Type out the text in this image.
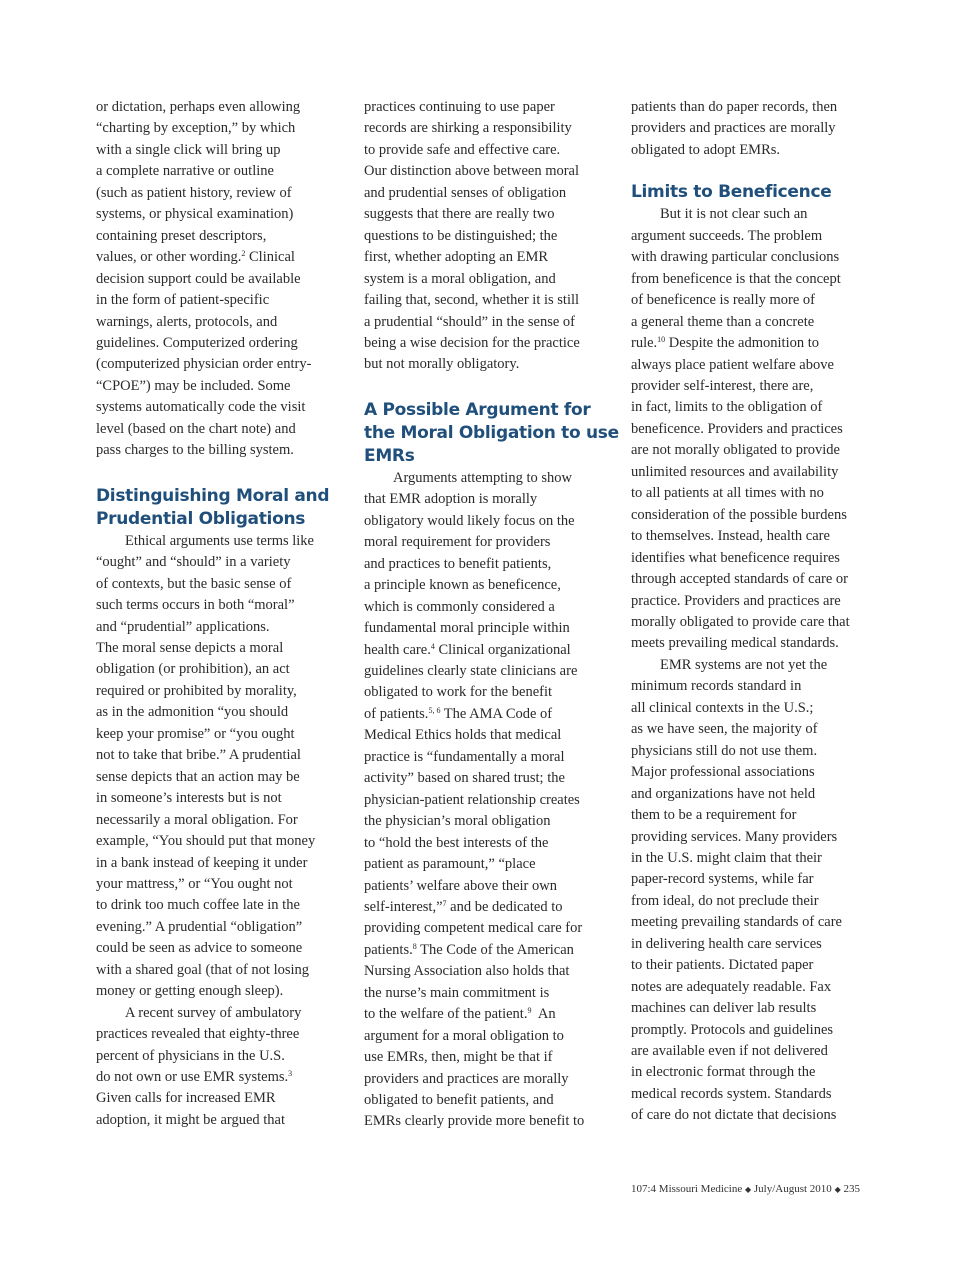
or dictation, perhaps even allowing
“charting by exception,” by which
with a single click will bring up
a complete narrative or outline
(such as patient history, review of
systems, or physical examination)
containing preset descriptors,
values, or other wording.$^2$ Clinical
decision support could be available
in the form of patient-specific
warnings, alerts, protocols, and
guidelines. Computerized ordering
(computerized physician order entry-
“CPOE”) may be included. Some
systems automatically code the visit
level (based on the chart note) and
pass charges to the billing system.
Distinguishing Moral and
Prudential Obligations
Ethical arguments use terms like
“ought” and “should” in a variety
of contexts, but the basic sense of
such terms occurs in both “moral”
and “prudential” applications.
The moral sense depicts a moral
obligation (or prohibition), an act
required or prohibited by morality,
as in the admonition “you should
keep your promise” or “you ought
not to take that bribe.” A prudential
sense depicts that an action may be
in someone’s interests but is not
necessarily a moral obligation. For
example, “You should put that money
in a bank instead of keeping it under
your mattress,” or “You ought not
to drink too much coffee late in the
evening.” A prudential “obligation”
could be seen as advice to someone
with a shared goal (that of not losing
money or getting enough sleep).
A recent survey of ambulatory
practices revealed that eighty-three
percent of physicians in the U.S.
do not own or use EMR systems.$^3$
Given calls for increased EMR
adoption, it might be argued that
practices continuing to use paper
records are shirking a responsibility
to provide safe and effective care.
Our distinction above between moral
and prudential senses of obligation
suggests that there are really two
questions to be distinguished; the
first, whether adopting an EMR
system is a moral obligation, and
failing that, second, whether it is still
a prudential “should” in the sense of
being a wise decision for the practice
but not morally obligatory.
A Possible Argument for
the Moral Obligation to use
EMRs
Arguments attempting to show
that EMR adoption is morally
obligatory would likely focus on the
moral requirement for providers
and practices to benefit patients,
a principle known as beneficence,
which is commonly considered a
fundamental moral principle within
health care.$^4$ Clinical organizational
guidelines clearly state clinicians are
obligated to work for the benefit
of patients.$^{5, 6}$ The AMA Code of
Medical Ethics holds that medical
practice is “fundamentally a moral
activity” based on shared trust; the
physician-patient relationship creates
the physician’s moral obligation
to “hold the best interests of the
patient as paramount,” “place
patients’ welfare above their own
self-interest,”$^7$ and be dedicated to
providing competent medical care for
patients.$^8$ The Code of the American
Nursing Association also holds that
the nurse’s main commitment is
to the welfare of the patient.$^9$  An
argument for a moral obligation to
use EMRs, then, might be that if
providers and practices are morally
obligated to benefit patients, and
EMRs clearly provide more benefit to
patients than do paper records, then
providers and practices are morally
obligated to adopt EMRs.
Limits to Beneficence
But it is not clear such an
argument succeeds. The problem
with drawing particular conclusions
from beneficence is that the concept
of beneficence is really more of
a general theme than a concrete
rule.$^{10}$ Despite the admonition to
always place patient welfare above
provider self-interest, there are,
in fact, limits to the obligation of
beneficence. Providers and practices
are not morally obligated to provide
unlimited resources and availability
to all patients at all times with no
consideration of the possible burdens
to themselves. Instead, health care
identifies what beneficence requires
through accepted standards of care or
practice. Providers and practices are
morally obligated to provide care that
meets prevailing medical standards.
EMR systems are not yet the
minimum records standard in
all clinical contexts in the U.S.;
as we have seen, the majority of
physicians still do not use them.
Major professional associations
and organizations have not held
them to be a requirement for
providing services. Many providers
in the U.S. might claim that their
paper-record systems, while far
from ideal, do not preclude their
meeting prevailing standards of care
in delivering health care services
to their patients. Dictated paper
notes are adequately readable. Fax
machines can deliver lab results
promptly. Protocols and guidelines
are available even if not delivered
in electronic format through the
medical records system. Standards
of care do not dictate that decisions
107:4 Missouri Medicine ◆ July/August 2010 ◆ 235
